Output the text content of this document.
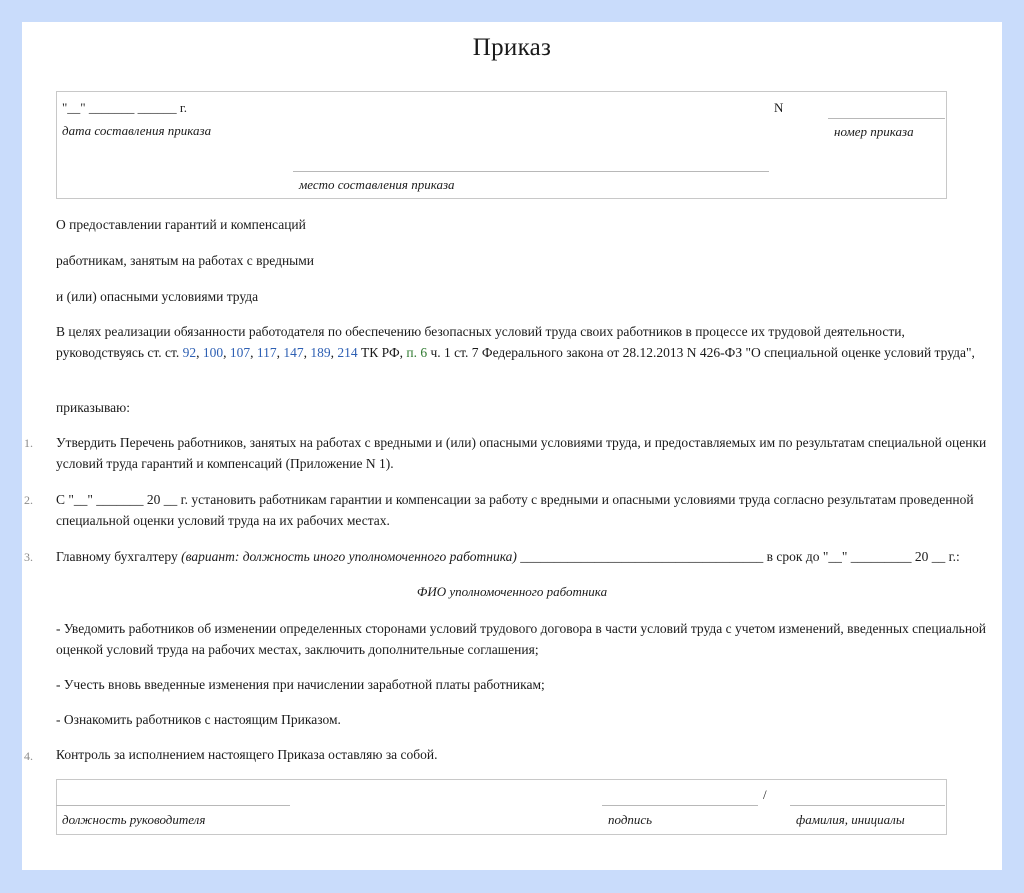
Приказ
"__" _______ ______ г.
дата составления приказа
N
номер приказа
место составления приказа
О предоставлении гарантий и компенсаций
работникам, занятым на работах с вредными
и (или) опасными условиями труда
В целях реализации обязанности работодателя по обеспечению безопасных условий труда своих работников в процессе их трудовой деятельности, руководствуясь ст. ст. 92, 100, 107, 117, 147, 189, 214 ТК РФ, п. 6 ч. 1 ст. 7 Федерального закона от 28.12.2013 N 426-ФЗ "О специальной оценке условий труда",
приказываю:
1. Утвердить Перечень работников, занятых на работах с вредными и (или) опасными условиями труда, и предоставляемых им по результатам специальной оценки условий труда гарантий и компенсаций (Приложение N 1).
2. С "__" _______ 20 __ г. установить работникам гарантии и компенсации за работу с вредными и опасными условиями труда согласно результатам проведенной специальной оценки условий труда на их рабочих местах.
3. Главному бухгалтеру (вариант: должность иного уполномоченного работника) ____________________________________ в срок до "__" _________ 20 __ г.:
ФИО уполномоченного работника
- Уведомить работников об изменении определенных сторонами условий трудового договора в части условий труда с учетом изменений, введенных специальной оценкой условий труда на рабочих местах, заключить дополнительные соглашения;
- Учесть вновь введенные изменения при начислении заработной платы работникам;
- Ознакомить работников с настоящим Приказом.
4. Контроль за исполнением настоящего Приказа оставляю за собой.
/
должность руководителя	подпись	фамилия, инициалы
